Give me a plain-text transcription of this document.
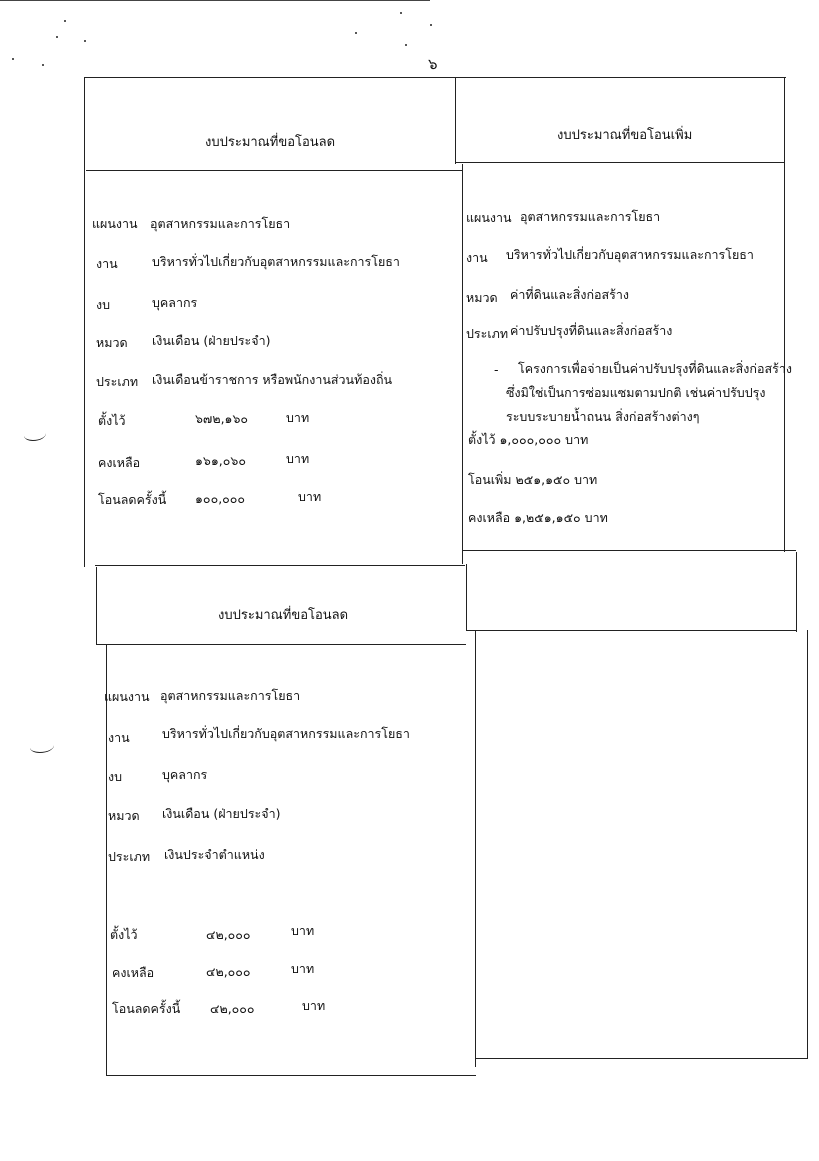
๖
งบประมาณที่ขอโอนลด
แผนงาน อุตสาหกรรมและการโยธา
งาน	บริหารทั่วไปเกี่ยวกับอุตสาหกรรมและการโยธา
งบ	บุคลากร
หมวด เงินเดือน (ฝ่ายประจำ)
ประเภท เงินเดือนข้าราชการ หรือพนักงานส่วนท้องถิ่น
ตั้งไว้	๖๗๒,๑๖๐	บาท
คงเหลือ	๑๖๑,๐๖๐	บาท
โอนลดครั้งนี้ ๑๐๐,๐๐๐	บาท
งบประมาณที่ขอโอนเพิ่ม
แผนงาน อุตสาหกรรมและการโยธา
งาน บริหารทั่วไปเกี่ยวกับอุตสาหกรรมและการโยธา
หมวด ค่าที่ดินและสิ่งก่อสร้าง
ประเภท ค่าปรับปรุงที่ดินและสิ่งก่อสร้าง
- โครงการเพื่อจ่ายเป็นค่าปรับปรุงที่ดินและสิ่งก่อสร้าง
ซึ่งมิใช่เป็นการซ่อมแซมตามปกติ เช่นค่าปรับปรุง
ระบบระบายน้ำถนน สิ่งก่อสร้างต่างๆ
ตั้งไว้ ๑,๐๐๐,๐๐๐ บาท
โอนเพิ่ม ๒๕๑,๑๕๐ บาท
คงเหลือ ๑,๒๕๑,๑๕๐ บาท
งบประมาณที่ขอโอนลด
แผนงาน อุตสาหกรรมและการโยธา
งาน	บริหารทั่วไปเกี่ยวกับอุตสาหกรรมและการโยธา
งบ	บุคลากร
หมวด เงินเดือน (ฝ่ายประจำ)
ประเภท เงินประจำตำแหน่ง
ตั้งไว้	๔๒,๐๐๐	บาท
คงเหลือ	๔๒,๐๐๐	บาท
โอนลดครั้งนี้ ๔๒,๐๐๐	บาท
